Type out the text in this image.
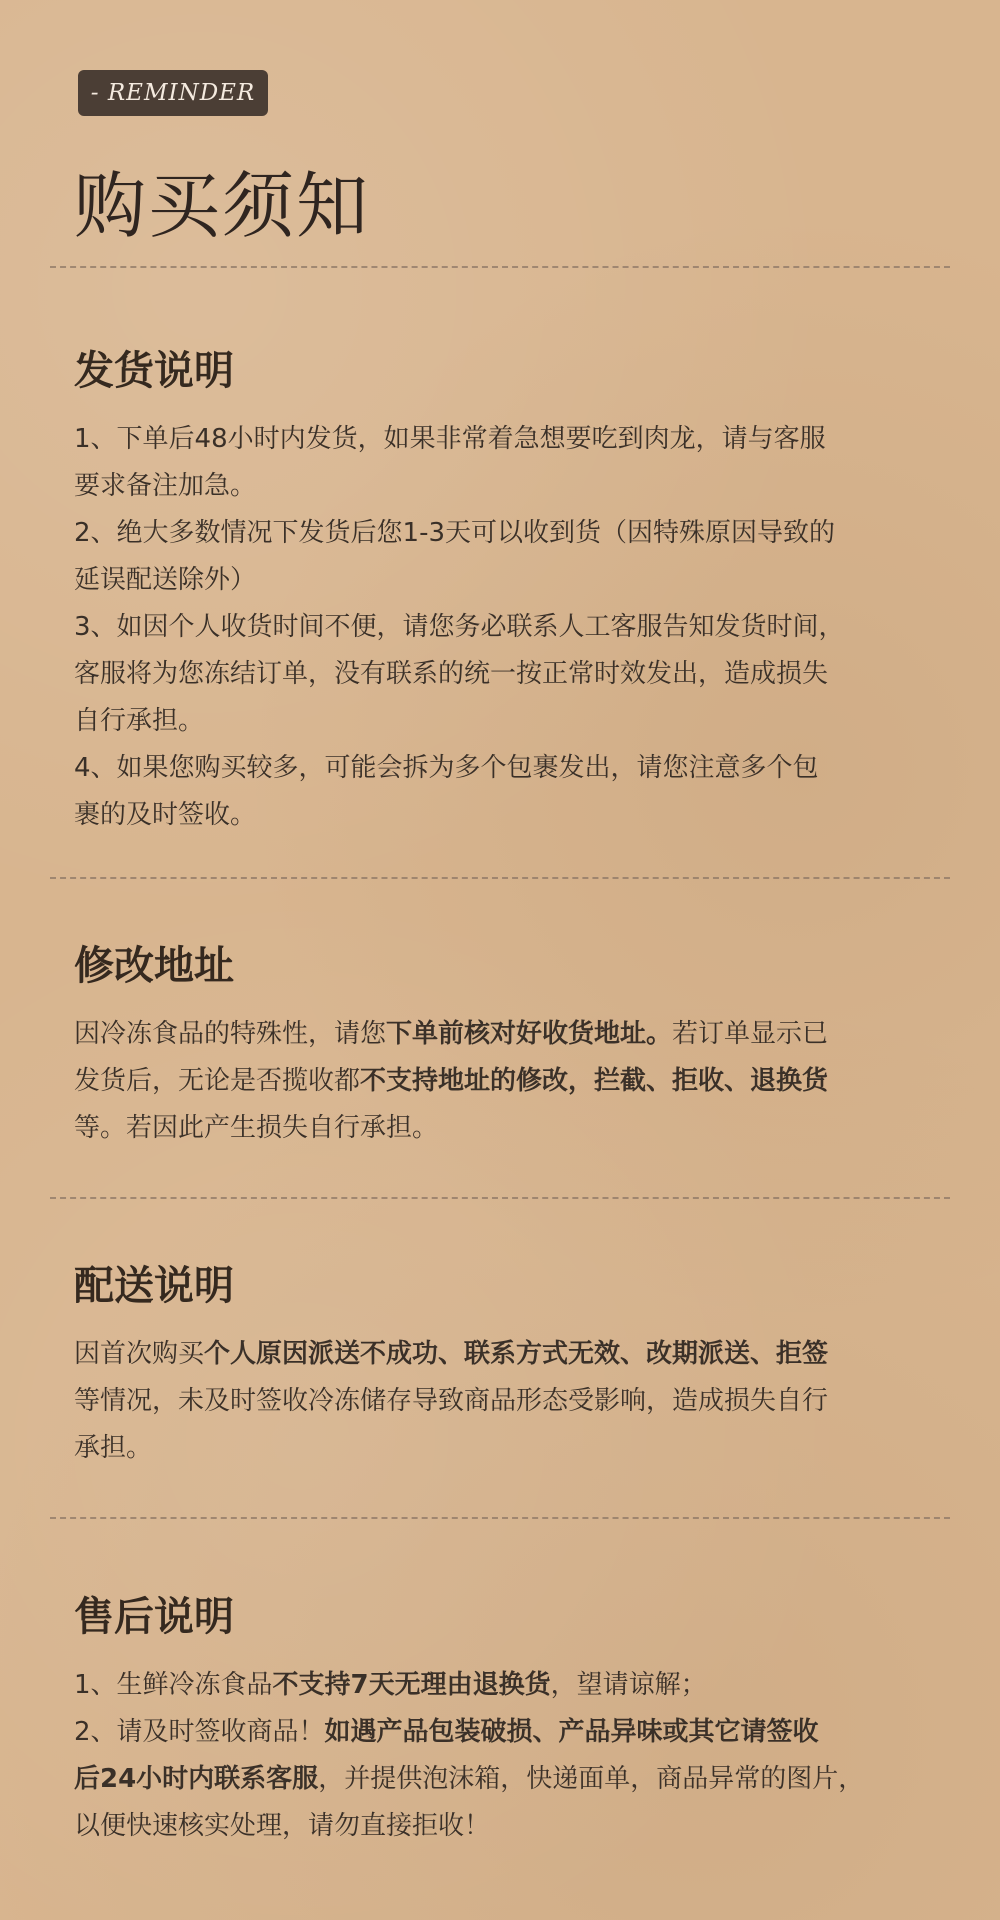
- REMINDER
购买须知
发货说明

1、下单后48小时内发货，如果非常着急想要吃到肉龙，请与客服

要求备注加急。

2、绝大多数情况下发货后您1-3天可以收到货（因特殊原因导致的

延误配送除外）

3、如因个人收货时间不便，请您务必联系人工客服告知发货时间，

客服将为您冻结订单，没有联系的统一按正常时效发出，造成损失

自行承担。

4、如果您购买较多，可能会拆为多个包裹发出，请您注意多个包

裹的及时签收。

修改地址

因冷冻食品的特殊性，请您下单前核对好收货地址。若订单显示已

发货后，无论是否揽收都不支持地址的修改，拦截、拒收、退换货

等。若因此产生损失自行承担。

配送说明

因首次购买个人原因派送不成功、联系方式无效、改期派送、拒签

等情况，未及时签收冷冻储存导致商品形态受影响，造成损失自行

承担。

售后说明

1、生鲜冷冻食品不支持7天无理由退换货，望请谅解；

2、请及时签收商品！如遇产品包装破损、产品异味或其它请签收

后24小时内联系客服，并提供泡沫箱，快递面单，商品异常的图片，

以便快速核实处理，请勿直接拒收！
